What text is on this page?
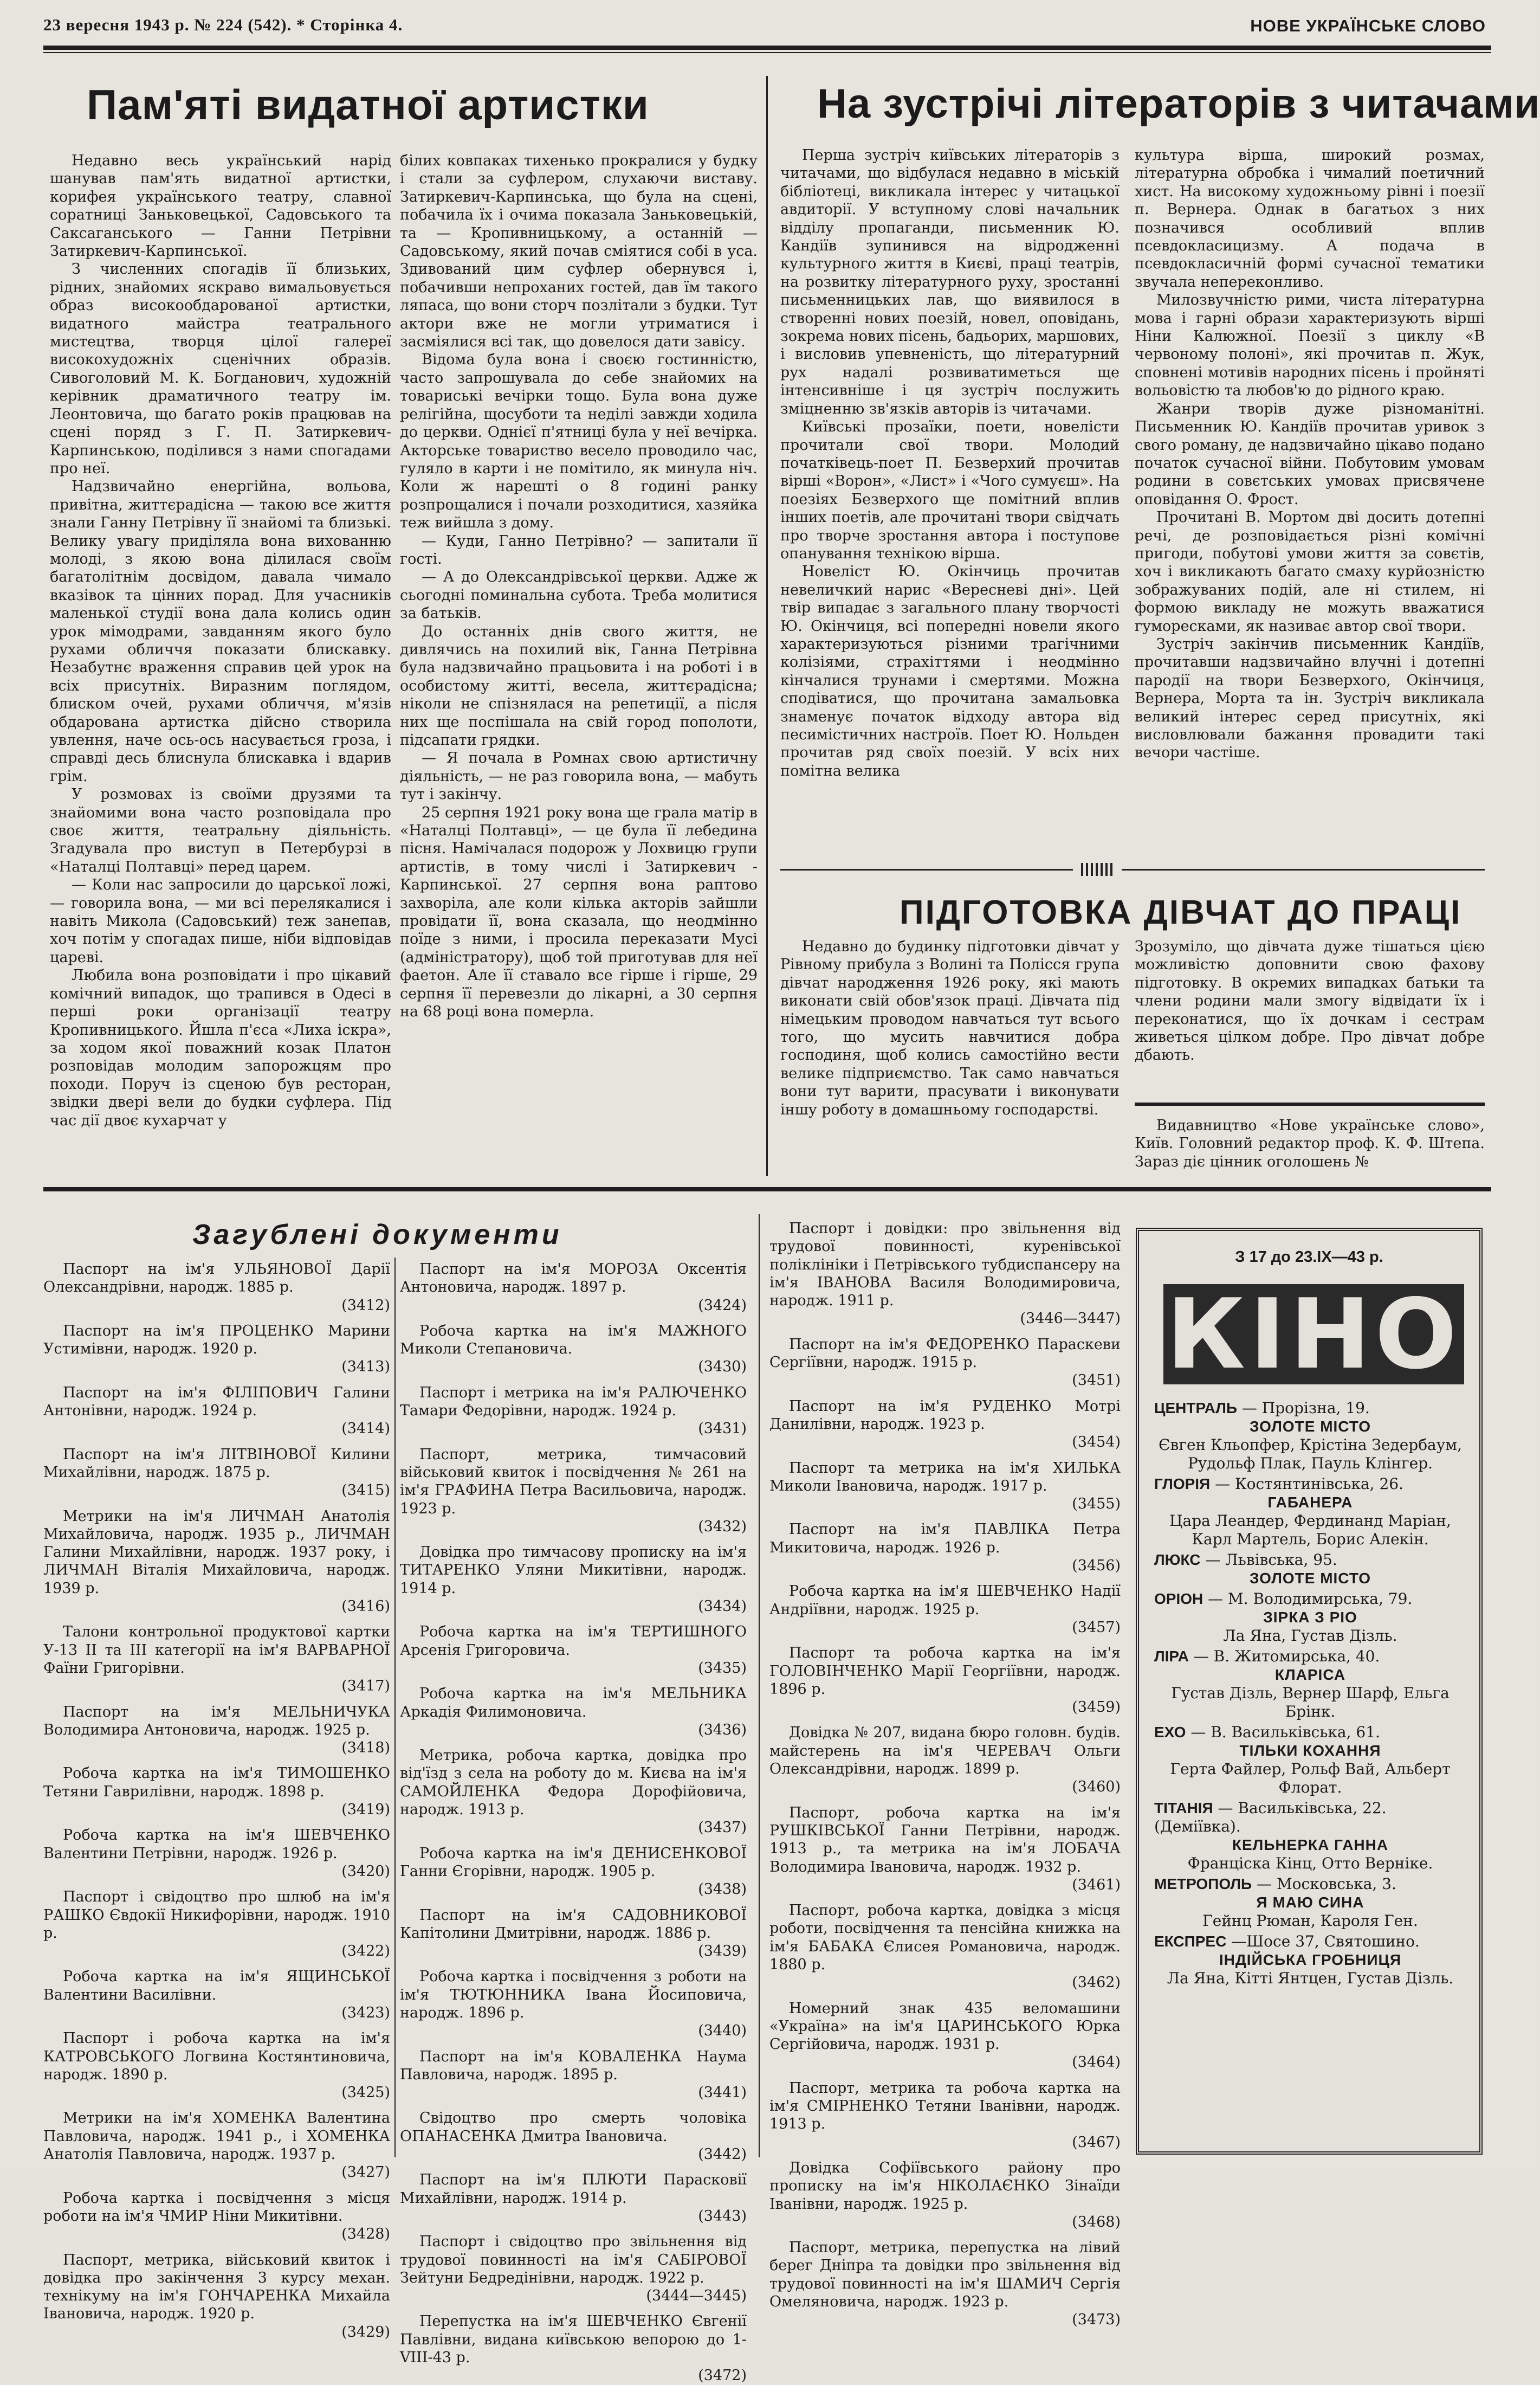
23 вересня 1943 р. № 224 (542). * Сторінка 4.	НОВЕ УКРАЇНСЬКЕ СЛОВО
Пам'яті видатної артистки

Недавно весь український нарід шанував пам'ять видатної артистки, корифея українського театру, славної соратниці Заньковецької, Садовського та Саксаганського — Ганни Петрівни Затиркевич-Карпинської.

З численних спогадів її близьких, рідних, знайомих яскраво вимальовується образ високообдарованої артистки, видатного майстра театрального мистецтва, творця цілої галереї високохудожніх сценічних образів. Сивоголовий М. К. Богданович, художній керівник драматичного театру ім. Леонтовича, що багато років працював на сцені поряд з Г. П. Затиркевич-Карпинською, поділився з нами спогадами про неї.

Надзвичайно енергійна, вольова, привітна, життєрадісна — такою все життя знали Ганну Петрівну її знайомі та близькі. Велику увагу приділяла вона вихованню молоді, з якою вона ділилася своїм багатолітнім досвідом, давала чимало вказівок та цінних порад. Для учасників маленької студії вона дала колись один урок мімодрами, завданням якого було рухами обличчя показати блискавку. Незабутнє враження справив цей урок на всіх присутніх. Виразним поглядом, блиском очей, рухами обличчя, м'язів обдарована артистка дійсно створила увлення, наче ось-ось насувається гроза, і справді десь блиснула блискавка і вдарив грім.

У розмовах із своїми друзями та знайомими вона часто розповідала про своє життя, театральну діяльність. Згадувала про виступ в Петербурзі в «Наталці Полтавці» перед царем.

— Коли нас запросили до царської ложі, — говорила вона, — ми всі перелякалися і навіть Микола (Садовський) теж занепав, хоч потім у спогадах пише, ніби відповідав цареві.

Любила вона розповідати і про цікавий комічний випадок, що трапився в Одесі в перші роки організації театру Кропивницького. Йшла п'єса «Лиха іскра», за ходом якої поважний козак Платон розповідав молодим запорожцям про походи. Поруч із сценою був ресторан, звідки двері вели до будки суфлера. Під час дії двоє кухарчат у

білих ковпаках тихенько прокралися у будку і стали за суфлером, слухаючи виставу. Затиркевич-Карпинська, що була на сцені, побачила їх і очима показала Заньковецькій, та — Кропивницькому, а останній — Садовському, який почав сміятися собі в уса. Здивований цим суфлер обернувся і, побачивши непроханих гостей, дав їм такого ляпаса, що вони сторч позлітали з будки. Тут актори вже не могли утриматися і засміялися всі так, що довелося дати завісу.

Відома була вона і своєю гостинністю, часто запрошувала до себе знайомих на товариські вечірки тощо. Була вона дуже релігійна, щосуботи та неділі завжди ходила до церкви. Однієї п'ятниці була у неї вечірка. Акторське товариство весело проводило час, гуляло в карти і не помітило, як минула ніч. Коли ж нарешті о 8 годині ранку розпрощалися і почали розходитися, хазяйка теж вийшла з дому.

— Куди, Ганно Петрівно? — запитали її гості.

— А до Олександрівської церкви. Адже ж сьогодні поминальна субота. Треба молитися за батьків.

До останніх днів свого життя, не дивлячись на похилий вік, Ганна Петрівна була надзвичайно працьовита і на роботі і в особистому житті, весела, життєрадісна; ніколи не спізнялася на репетиції, а після них ще поспішала на свій город пополоти, підсапати грядки.

— Я почала в Ромнах свою артистичну діяльність, — не раз говорила вона, — мабуть тут і закінчу.

25 серпня 1921 року вона ще грала матір в «Наталці Полтавці», — це була її лебедина пісня. Намічалася подорож у Лохвицю групи артистів, в тому числі і Затиркевич - Карпинської. 27 серпня вона раптово захворіла, але коли кілька акторів зайшли провідати її, вона сказала, що неодмінно поїде з ними, і просила переказати Мусі (адміністратору), щоб той приготував для неї фаетон. Але її ставало все гірше і гірше, 29 серпня її перевезли до лікарні, а 30 серпня на 68 році вона померла.

На зустрічі літераторів з читачами

Перша зустріч київських літераторів з читачами, що відбулася недавно в міській бібліотеці, викликала інтерес у читацької авдиторії. У вступному слові начальник відділу пропаганди, письменник Ю. Кандіїв зупинився на відродженні культурного життя в Києві, праці театрів, на розвитку літературного руху, зростанні письменницьких лав, що виявилося в створенні нових поезій, новел, оповідань, зокрема нових пісень, бадьорих, маршових, і висловив упевненість, що літературний рух надалі розвиватиметься ще інтенсивніше і ця зустріч послужить зміцненню зв'язків авторів із читачами.

Київські прозаїки, поети, новелісти прочитали свої твори. Молодий початківець-поет П. Безверхий прочитав вірші «Ворон», «Лист» і «Чого сумуєш». На поезіях Безверхого ще помітний вплив інших поетів, але прочитані твори свідчать про творче зростання автора і поступове опанування технікою вірша.

Новеліст Ю. Окінчиць прочитав невеличкий нарис «Вересневі дні». Цей твір випадає з загального плану творчості Ю. Окінчиця, всі попередні новели якого характеризуються різними трагічними колізіями, страхіттями і неодмінно кінчалися трунами і смертями. Можна сподіватися, що прочитана замальовка знаменує початок відходу автора від песимістичних настроїв. Поет Ю. Нольден прочитав ряд своїх поезій. У всіх них помітна велика

культура вірша, широкий розмах, літературна обробка і чималий поетичний хист. На високому художньому рівні і поезії п. Вернера. Однак в багатьох з них позначився особливий вплив псевдокласицизму. А подача в псевдокласичній формі сучасної тематики звучала непереконливо.

Милозвучністю рими, чиста літературна мова і гарні образи характеризують вірші Ніни Калюжної. Поезії з циклу «В червоному полоні», які прочитав п. Жук, сповнені мотивів народних пісень і пройняті вольовістю та любов'ю до рідного краю.

Жанри творів дуже різноманітні. Письменник Ю. Кандіїв прочитав уривок з свого роману, де надзвичайно цікаво подано початок сучасної війни. Побутовим умовам родини в совєтських умовах присвячене оповідання О. Фрост.

Прочитані В. Мортом дві досить дотепні речі, де розповідається різні комічні пригоди, побутові умови життя за совєтів, хоч і викликають багато смаху курйозністю зображуваних подій, але ні стилем, ні формою викладу не можуть вважатися гуморесками, як називає автор свої твори.

Зустріч закінчив письменник Кандіїв, прочитавши надзвичайно влучні і дотепні пародії на твори Безверхого, Окінчиця, Вернера, Морта та ін. Зустріч викликала великий інтерес серед присутніх, які висловлювали бажання провадити такі вечори частіше.

ПІДГОТОВКА ДІВЧАТ ДО ПРАЦІ

Недавно до будинку підготовки дівчат у Рівному прибула з Волині та Полісся група дівчат народження 1926 року, які мають виконати свій обов'язок праці. Дівчата під німецьким проводом навчаться тут всього того, що мусить навчитися добра господиня, щоб колись самостійно вести велике підприємство. Так само навчаться вони тут варити, прасувати і виконувати іншу роботу в домашньому господарстві.

Зрозуміло, що дівчата дуже тішаться цією можливістю доповнити свою фахову підготовку. В окремих випадках батьки та члени родини мали змогу відвідати їх і переконатися, що їх дочкам і сестрам живеться цілком добре. Про дівчат добре дбають.

Видавництво «Нове українське слово», Київ. Головний редактор проф. К. Ф. Штепа. Зараз діє цінник оголошень №

Загублені документи

Паспорт на ім'я УЛЬЯНОВОЇ Дарії Олександрівни, народж. 1885 р.

(3412)

Паспорт на ім'я ПРОЦЕНКО Марини Устимівни, народж. 1920 р.

(3413)

Паспорт на ім'я ФІЛІПОВИЧ Галини Антонівни, народж. 1924 р.

(3414)

Паспорт на ім'я ЛІТВІНОВОЇ Килини Михайлівни, народж. 1875 р.

(3415)

Метрики на ім'я ЛИЧМАН Анатолія Михайловича, народж. 1935 р., ЛИЧМАН Галини Михайлівни, народж. 1937 року, і ЛИЧМАН Віталія Михайловича, народж. 1939 р.

(3416)

Талони контрольної продуктової картки У-13 ІІ та ІІІ категорії на ім'я ВАРВАРНОЇ Фаїни Григорівни.

(3417)

Паспорт на ім'я МЕЛЬНИЧУКА Володимира Антоновича, народж. 1925 р.

(3418)

Робоча картка на ім'я ТИМОШЕНКО Тетяни Гаврилівни, народж. 1898 р.

(3419)

Робоча картка на ім'я ШЕВЧЕНКО Валентини Петрівни, народж. 1926 р.

(3420)

Паспорт і свідоцтво про шлюб на ім'я РАШКО Євдокії Никифорівни, народж. 1910 р.

(3422)

Робоча картка на ім'я ЯЩИНСЬКОЇ Валентини Василівни.

(3423)

Паспорт і робоча картка на ім'я КАТРОВСЬКОГО Логвина Костянтиновича, народж. 1890 р.

(3425)

Метрики на ім'я ХОМЕНКА Валентина Павловича, народж. 1941 р., і ХОМЕНКА Анатолія Павловича, народж. 1937 р.

(3427)

Робоча картка і посвідчення з місця роботи на ім'я ЧМИР Ніни Микитівни.

(3428)

Паспорт, метрика, військовий квиток і довідка про закінчення 3 курсу механ. технікуму на ім'я ГОНЧАРЕНКА Михайла Івановича, народж. 1920 р.

(3429)

Паспорт на ім'я МОРОЗА Оксентія Антоновича, народж. 1897 р.

(3424)

Робоча картка на ім'я МАЖНОГО Миколи Степановича.

(3430)

Паспорт і метрика на ім'я РАЛЮЧЕНКО Тамари Федорівни, народж. 1924 р.

(3431)

Паспорт, метрика, тимчасовий військовий квиток і посвідчення № 261 на ім'я ГРАФИНА Петра Васильовича, народж. 1923 р.

(3432)

Довідка про тимчасову прописку на ім'я ТИТАРЕНКО Уляни Микитівни, народж. 1914 р.

(3434)

Робоча картка на ім'я ТЕРТИШНОГО Арсенія Григоровича.

(3435)

Робоча картка на ім'я МЕЛЬНИКА Аркадія Филимоновича.

(3436)

Метрика, робоча картка, довідка про від'їзд з села на роботу до м. Києва на ім'я САМОЙЛЕНКА Федора Дорофійовича, народж. 1913 р.

(3437)

Робоча картка на ім'я ДЕНИСЕНКОВОЇ Ганни Єгорівни, народж. 1905 р.

(3438)

Паспорт на ім'я САДОВНИКОВОЇ Капітолини Дмитрівни, народж. 1886 р.

(3439)

Робоча картка і посвідчення з роботи на ім'я ТЮТЮННИКА Івана Йосиповича, народж. 1896 р.

(3440)

Паспорт на ім'я КОВАЛЕНКА Наума Павловича, народж. 1895 р.

(3441)

Свідоцтво про смерть чоловіка ОПАНАСЕНКА Дмитра Івановича.

(3442)

Паспорт на ім'я ПЛЮТИ Парасковії Михайлівни, народж. 1914 р.

(3443)

Паспорт і свідоцтво про звільнення від трудової повинності на ім'я САБІРОВОЇ Зейтуни Бедредінівни, народж. 1922 р.

(3444—3445)

Перепустка на ім'я ШЕВЧЕНКО Євгенії Павлівни, видана київською вепорою до 1-VIII-43 р.

(3472)

Паспорт і довідки: про звільнення від трудової повинності, куренівської поліклініки і Петрівського тубдиспансеру на ім'я ІВАНОВА Василя Володимировича, народж. 1911 р.

(3446—3447)

Паспорт на ім'я ФЕДОРЕНКО Параскеви Сергіївни, народж. 1915 р.

(3451)

Паспорт на ім'я РУДЕНКО Мотрі Данилівни, народж. 1923 р.

(3454)

Паспорт та метрика на ім'я ХИЛЬКА Миколи Івановича, народж. 1917 р.

(3455)

Паспорт на ім'я ПАВЛІКА Петра Микитовича, народж. 1926 р.

(3456)

Робоча картка на ім'я ШЕВЧЕНКО Надії Андріївни, народж. 1925 р.

(3457)

Паспорт та робоча картка на ім'я ГОЛОВІНЧЕНКО Марії Георгіївни, народж. 1896 р.

(3459)

Довідка № 207, видана бюро головн. будів. майстерень на ім'я ЧЕРЕВАЧ Ольги Олександрівни, народж. 1899 р.

(3460)

Паспорт, робоча картка на ім'я РУШКІВСЬКОЇ Ганни Петрівни, народж. 1913 р., та метрика на ім'я ЛОБАЧА Володимира Івановича, народж. 1932 р.

(3461)

Паспорт, робоча картка, довідка з місця роботи, посвідчення та пенсійна книжка на ім'я БАБАКА Єлисея Романовича, народж. 1880 р.

(3462)

Номерний знак 435 веломашини «Україна» на ім'я ЦАРИНСЬКОГО Юрка Сергійовича, народж. 1931 р.

(3464)

Паспорт, метрика та робоча картка на ім'я СМІРНЕНКО Тетяни Іванівни, народж. 1913 р.

(3467)

Довідка Софіївського району про прописку на ім'я НІКОЛАЄНКО Зінаїди Іванівни, народж. 1925 р.

(3468)

Паспорт, метрика, перепустка на лівий берег Дніпра та довідки про звільнення від трудової повинності на ім'я ШАМИЧ Сергія Омеляновича, народж. 1923 р.

(3473)
З 17 до 23.IX—43 р.
КІНО
ЦЕНТРАЛЬ — Прорізна, 19.
ЗОЛОТЕ МІСТО
Євген Кльопфер, Крістіна Зедербаум, Рудольф Плак, Пауль Клінгер.
ГЛОРІЯ — Костянтинівська, 26.
ГАБАНЕРА
Цара Леандер, Фердинанд Маріан, Карл Мартель, Борис Алекін.
ЛЮКС — Львівська, 95.
ЗОЛОТЕ МІСТО
ОРІОН — М. Володимирська, 79.
ЗІРКА З РІО
Ла Яна, Густав Дізль.
ЛІРА — В. Житомирська, 40.
КЛАРІСА
Густав Дізль, Вернер Шарф, Ельга Брінк.
ЕХО — В. Васильківська, 61.
ТІЛЬКИ КОХАННЯ
Герта Файлер, Рольф Вай, Альберт Флорат.
ТІТАНІЯ — Васильківська, 22. (Деміївка).
КЕЛЬНЕРКА ГАННА
Франціска Кінц, Отто Верніке.
МЕТРОПОЛЬ — Московська, 3.
Я МАЮ СИНА
Гейнц Рюман, Кароля Ген.
ЕКСПРЕС —Шосе 37, Святошино.
ІНДІЙСЬКА ГРОБНИЦЯ
Ла Яна, Кітті Янтцен, Густав Дізль.
